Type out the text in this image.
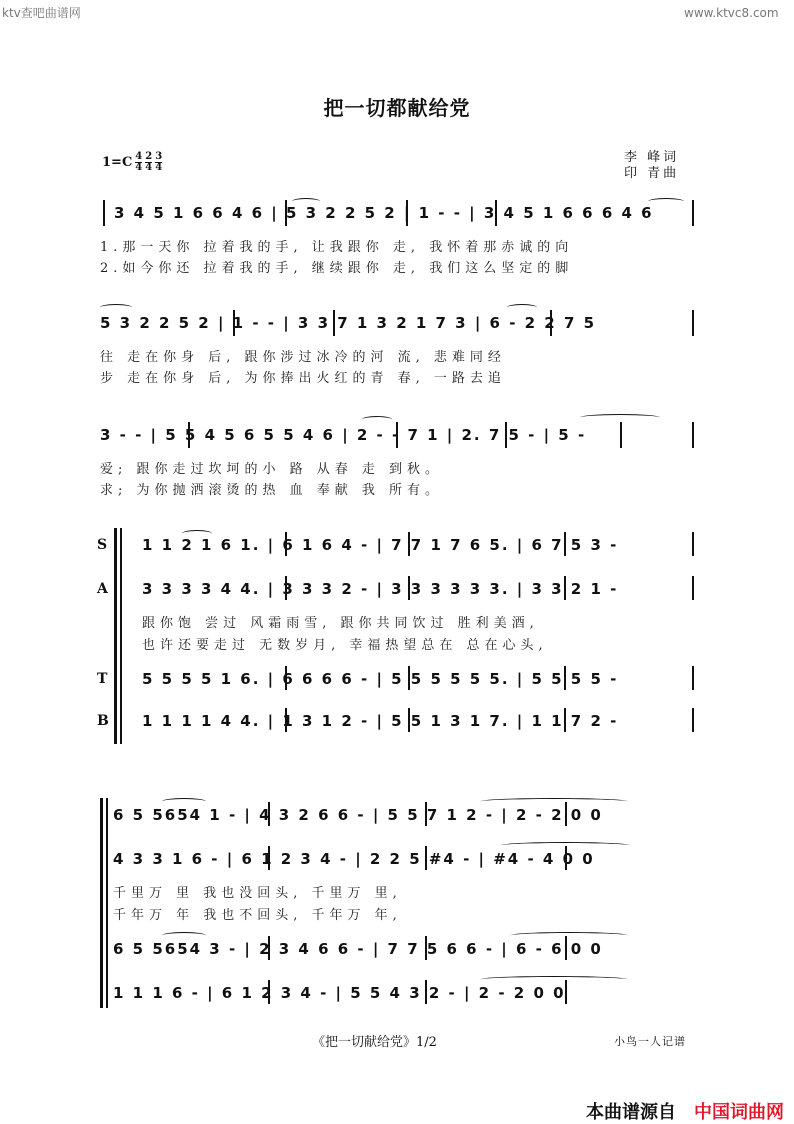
ktv查吧曲谱网	www.ktvc8.com
把一切都献给党
李 峰词
印 青曲
$1=C \frac{4}{4} \frac{2}{4} \frac{3}{4}$
3 4 5 1 6 6 4 6 | 5 3 2 2 5 2 | 1 - - | 3 4 5 1 6 6 6 4 6
1.那一天你 拉着我的手, 让我跟你 走, 我怀着那赤诚的向
2.如今你还 拉着我的手, 继续跟你 走, 我们这么坚定的脚
5 3 2 2 5 2 | 1 - - | 3 3 7 1 3 2 1 7 3 | 6 - 2 2 7 5
往 走在你身 后, 跟你涉过冰冷的河 流, 悲难同经
步 走在你身 后, 为你捧出火红的青 春, 一路去追
3 - - | 5 5 4 5 6 5 5 4 6 | 2 - - 7 1 | 2. 7 5 - | 5 -
爱; 跟你走过坎坷的小 路 从春 走 到秋。
求; 为你抛洒滚烫的热 血 奉献 我 所有。
S 1 1 2 1 6 1. | 6 1 6 4 - | 7 7 1 7 6 5. | 6 7 5 3 -
A 3 3 3 3 4 4. | 3 3 3 2 - | 3 3 3 3 3 3. | 3 3 2 1 -
跟你饱 尝过 风霜雨雪, 跟你共同饮过 胜利美酒,
也许还要走过 无数岁月, 幸福热望总在 总在心头,
T 5 5 5 5 1 6. | 6 6 6 6 - | 5 5 5 5 5 5. | 5 5 5 5 -
B 1 1 1 1 4 4. | 1 3 1 2 - | 5 5 1 3 1 7. | 1 1 7 2 -
6 5 5654 1 - | 4 3 2 6 6 - | 5 5 7 1 2 - | 2 - 2 0 0
4 3 3 1 6 - | 6 1 2 3 4 - | 2 2 5 #4 - | #4 - 4 0 0
千里万 里 我也没回头, 千里万 里,
千年万 年 我也不回头, 千年万 年,
6 5 5654 3 - | 2 3 4 6 6 - | 7 7 5 6 6 - | 6 - 6 0 0
1 1 1 6 - | 6 1 2 3 4 - | 5 5 4 3 2 - | 2 - 2 0 0
《把一切献给党》1/2	小鸟一人记谱
本曲谱源自 中国词曲网
